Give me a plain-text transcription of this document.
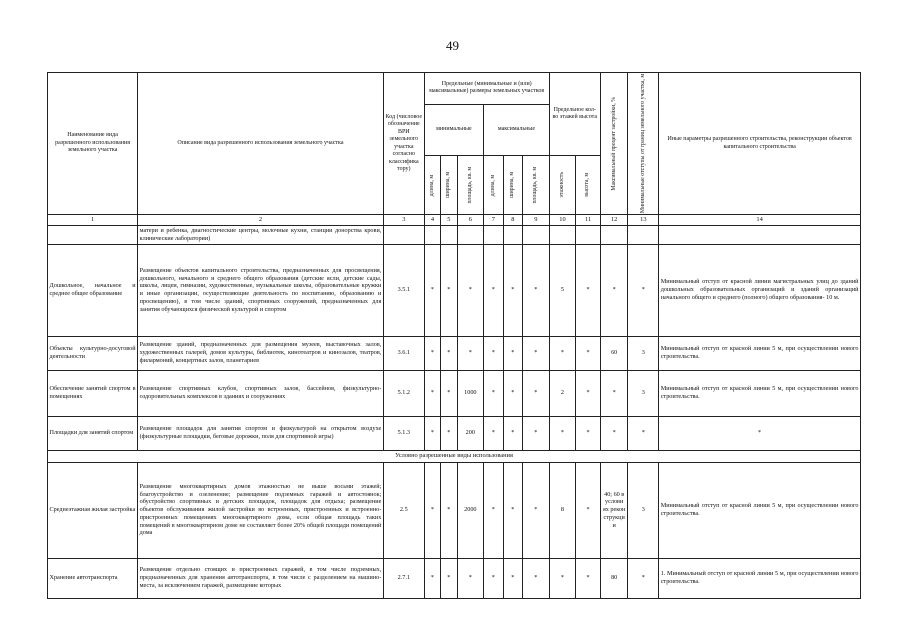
49
Наименование вида разрешенного использования земельного участка	Описание вида разрешенного использования земельного участка	Код (числовое обозначение ВРИ земельного участка согласно классифика тору)	Предельные (минимальные и (или) максимальные) размеры земельных участков						Предельное кол-во этажей высота		Максимальный процент застройки, %	Минимальные отступы от границ земельного участка, м	Иные параметры разрешенного строительства, реконструкции объектов капитального строительства
			минимальные			максимальные							

			длина, м	ширина, м	площадь, кв. м	длина, м	ширина, м	площадь, кв. м	этажность	высота, м			

1	2	3	4	5	6	7	8	9	10	11	12	13	14
	матери и ребенка, диагностические центры, молочные кухни, станции донорства крови, клинические лаборатории)												
Дошкольное, начальное и среднее общее образование	Размещение объектов капитального строительства, предназначенных для просвещения, дошкольного, начального и среднего общего образования (детские ясли, детские сады, школы, лицеи, гимназии, художественные, музыкальные школы, образовательные кружки и иные организации, осуществляющие деятельность по воспитанию, образованию и просвещению), в том числе зданий, спортивных сооружений, предназначенных для занятия обучающихся физической культурой и спортом	3.5.1	*	*	*	*	*	*	5	*	*	*	Минимальный отступ от красной линии магистральных улиц до зданий дошкольных образовательных организаций и зданий организаций начального общего и среднего (полного) общего образования- 10 м.
Объекты культурно-досуговой деятельности	Размещение зданий, предназначенных для размещения музеев, выставочных залов, художественных галерей, домов культуры, библиотек, кинотеатров и кинозалов, театров, филармоний, концертных залов, планетариев	3.6.1	*	*	*	*	*	*	*	*	60	3	Минимальный отступ от красной линии 5 м, при осуществлении нового строительства.
Обеспечение занятий спортом в помещениях	Размещение спортивных клубов, спортивных залов, бассейнов, физкультурно-оздоровительных комплексов в зданиях и сооружениях	5.1.2	*	*	1000	*	*	*	2	*	*	3	Минимальный отступ от красной линии 5 м, при осуществлении нового строительства.
Площадки для занятий спортом	Размещение площадок для занятия спортом и физкультурой на открытом воздухе (физкультурные площадки, беговые дорожки, поля для спортивной игры)	5.1.3	*	*	200	*	*	*	*	*	*	*	*
Условно разрешенные виды использования													
Среднеэтажная жилая застройка	Размещение многоквартирных домов этажностью не выше восьми этажей; благоустройство и озеленение; размещение подземных гаражей и автостоянок; обустройство спортивных и детских площадок, площадок для отдыха; размещение объектов обслуживания жилой застройки во встроенных, пристроенных и встроенно-пристроенных помещениях многоквартирного дома, если общая площадь таких помещений в многоквартирном доме не составляет более 20% общей площади помещений дома	2.5	*	*	2000	*	*	*	8	*	40; 60 в услови ях рекон струкци и	3	Минимальный отступ от красной линии 5 м, при осуществлении нового строительства.
Хранение автотранспорта	Размещение отдельно стоящих и пристроенных гаражей, в том числе подземных, предназначенных для хранения автотранспорта, в том числе с разделением на машино-места, за исключением гаражей, размещение которых	2.7.1	*	*	*	*	*	*	*	*	80	*	1. Минимальный отступ от красной линии 5 м, при осуществлении нового строительства.
